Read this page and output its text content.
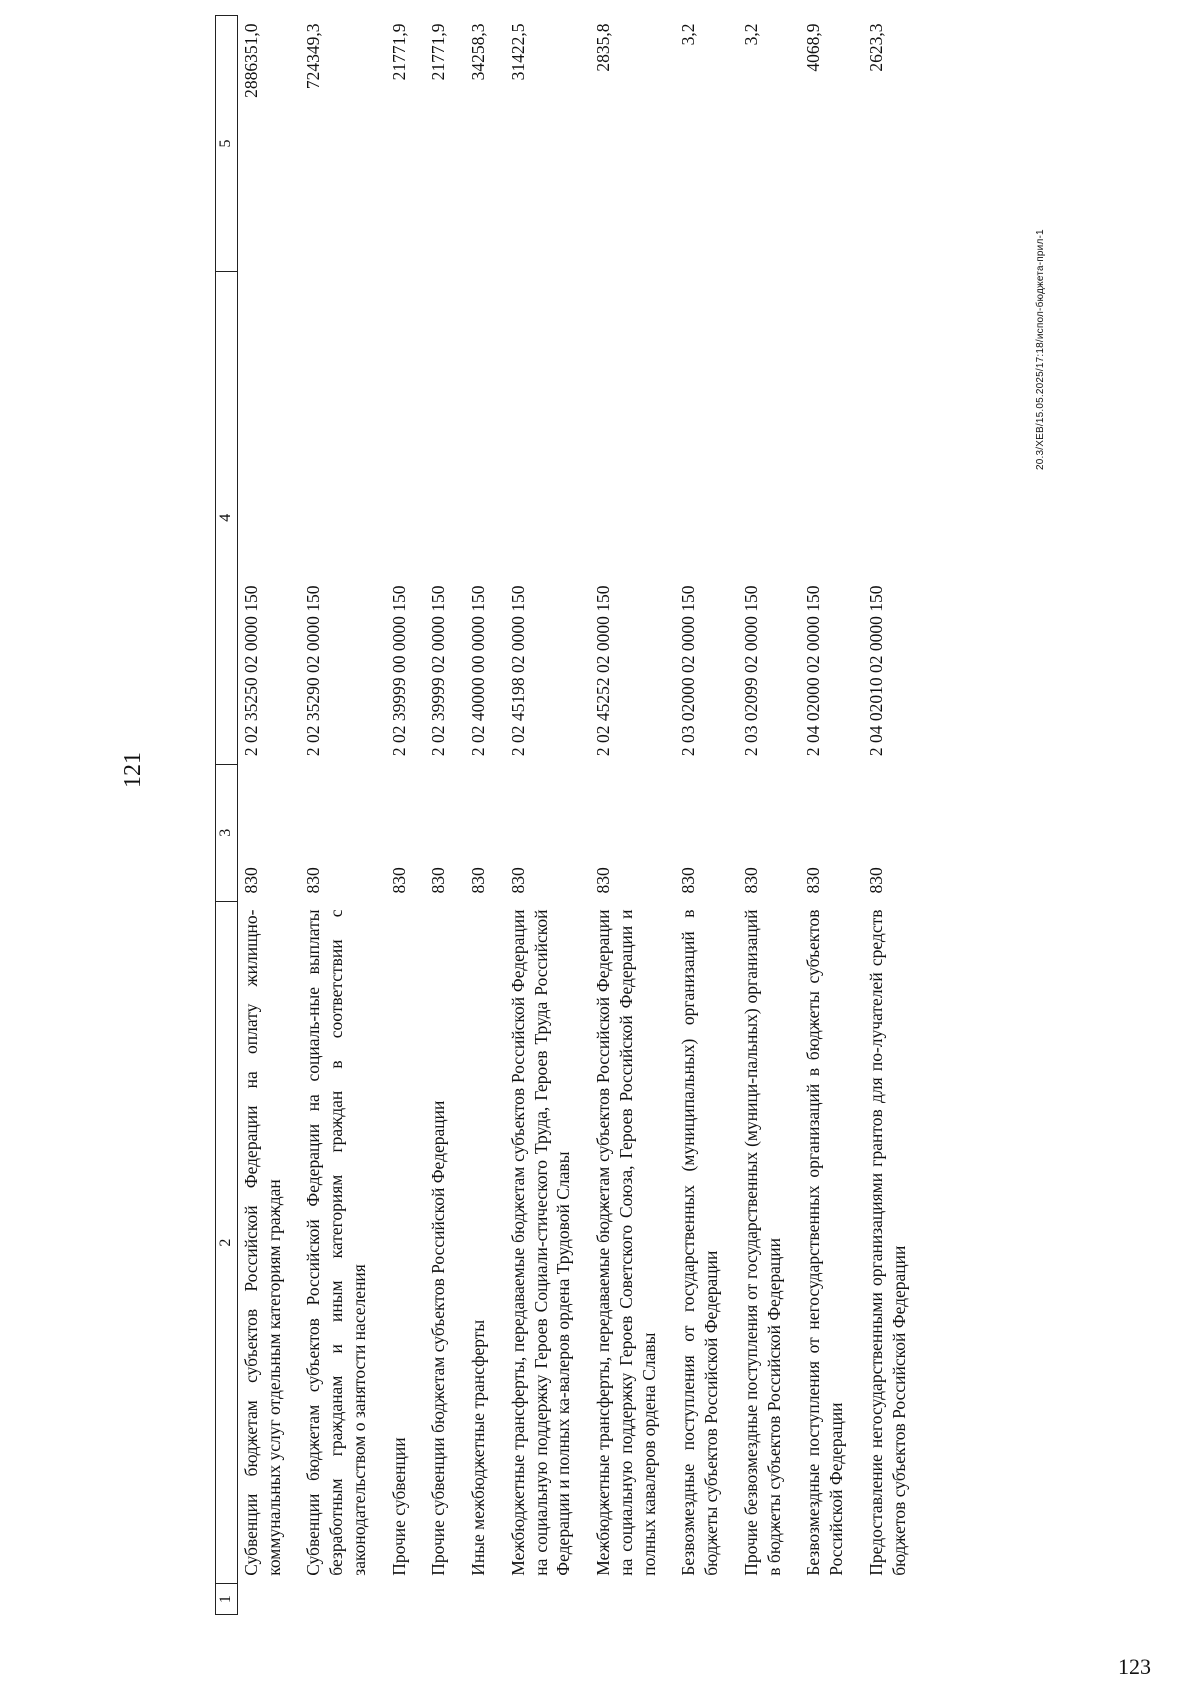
121
1	2	3	4	5
	Субвенции бюджетам субъектов Российской Федерации на оплату жилищно-коммунальных услуг отдельным категориям граждан	830	2 02 35250 02 0000 150	2886351,0
	Субвенции бюджетам субъектов Российской Федерации на социаль-ные выплаты безработным гражданам и иным категориям граждан в соответствии с законодательством о занятости населения	830	2 02 35290 02 0000 150	724349,3
	Прочие субвенции	830	2 02 39999 00 0000 150	21771,9
	Прочие субвенции бюджетам субъектов Российской Федерации	830	2 02 39999 02 0000 150	21771,9
	Иные межбюджетные трансферты	830	2 02 40000 00 0000 150	34258,3
	Межбюджетные трансферты, передаваемые бюджетам субъектов Российской Федерации на социальную поддержку Героев Социали-стического Труда, Героев Труда Российской Федерации и полных ка-валеров ордена Трудовой Славы	830	2 02 45198 02 0000 150	31422,5
	Межбюджетные трансферты, передаваемые бюджетам субъектов Российской Федерации на социальную поддержку Героев Советского Союза, Героев Российской Федерации и полных кавалеров ордена Славы	830	2 02 45252 02 0000 150	2835,8
	Безвозмездные поступления от государственных (муниципальных) организаций в бюджеты субъектов Российской Федерации	830	2 03 02000 02 0000 150	3,2
	Прочие безвозмездные поступления от государственных (муници-пальных) организаций в бюджеты субъектов Российской Федерации	830	2 03 02099 02 0000 150	3,2
	Безвозмездные поступления от негосударственных организаций в бюджеты субъектов Российской Федерации	830	2 04 02000 02 0000 150	4068,9
	Предоставление негосударственными организациями грантов для по-лучателей средств бюджетов субъектов Российской Федерации	830	2 04 02010 02 0000 150	2623,3
20.3/XEB/15.05.2025/17:18/испол-бюджета-прил-1
123
